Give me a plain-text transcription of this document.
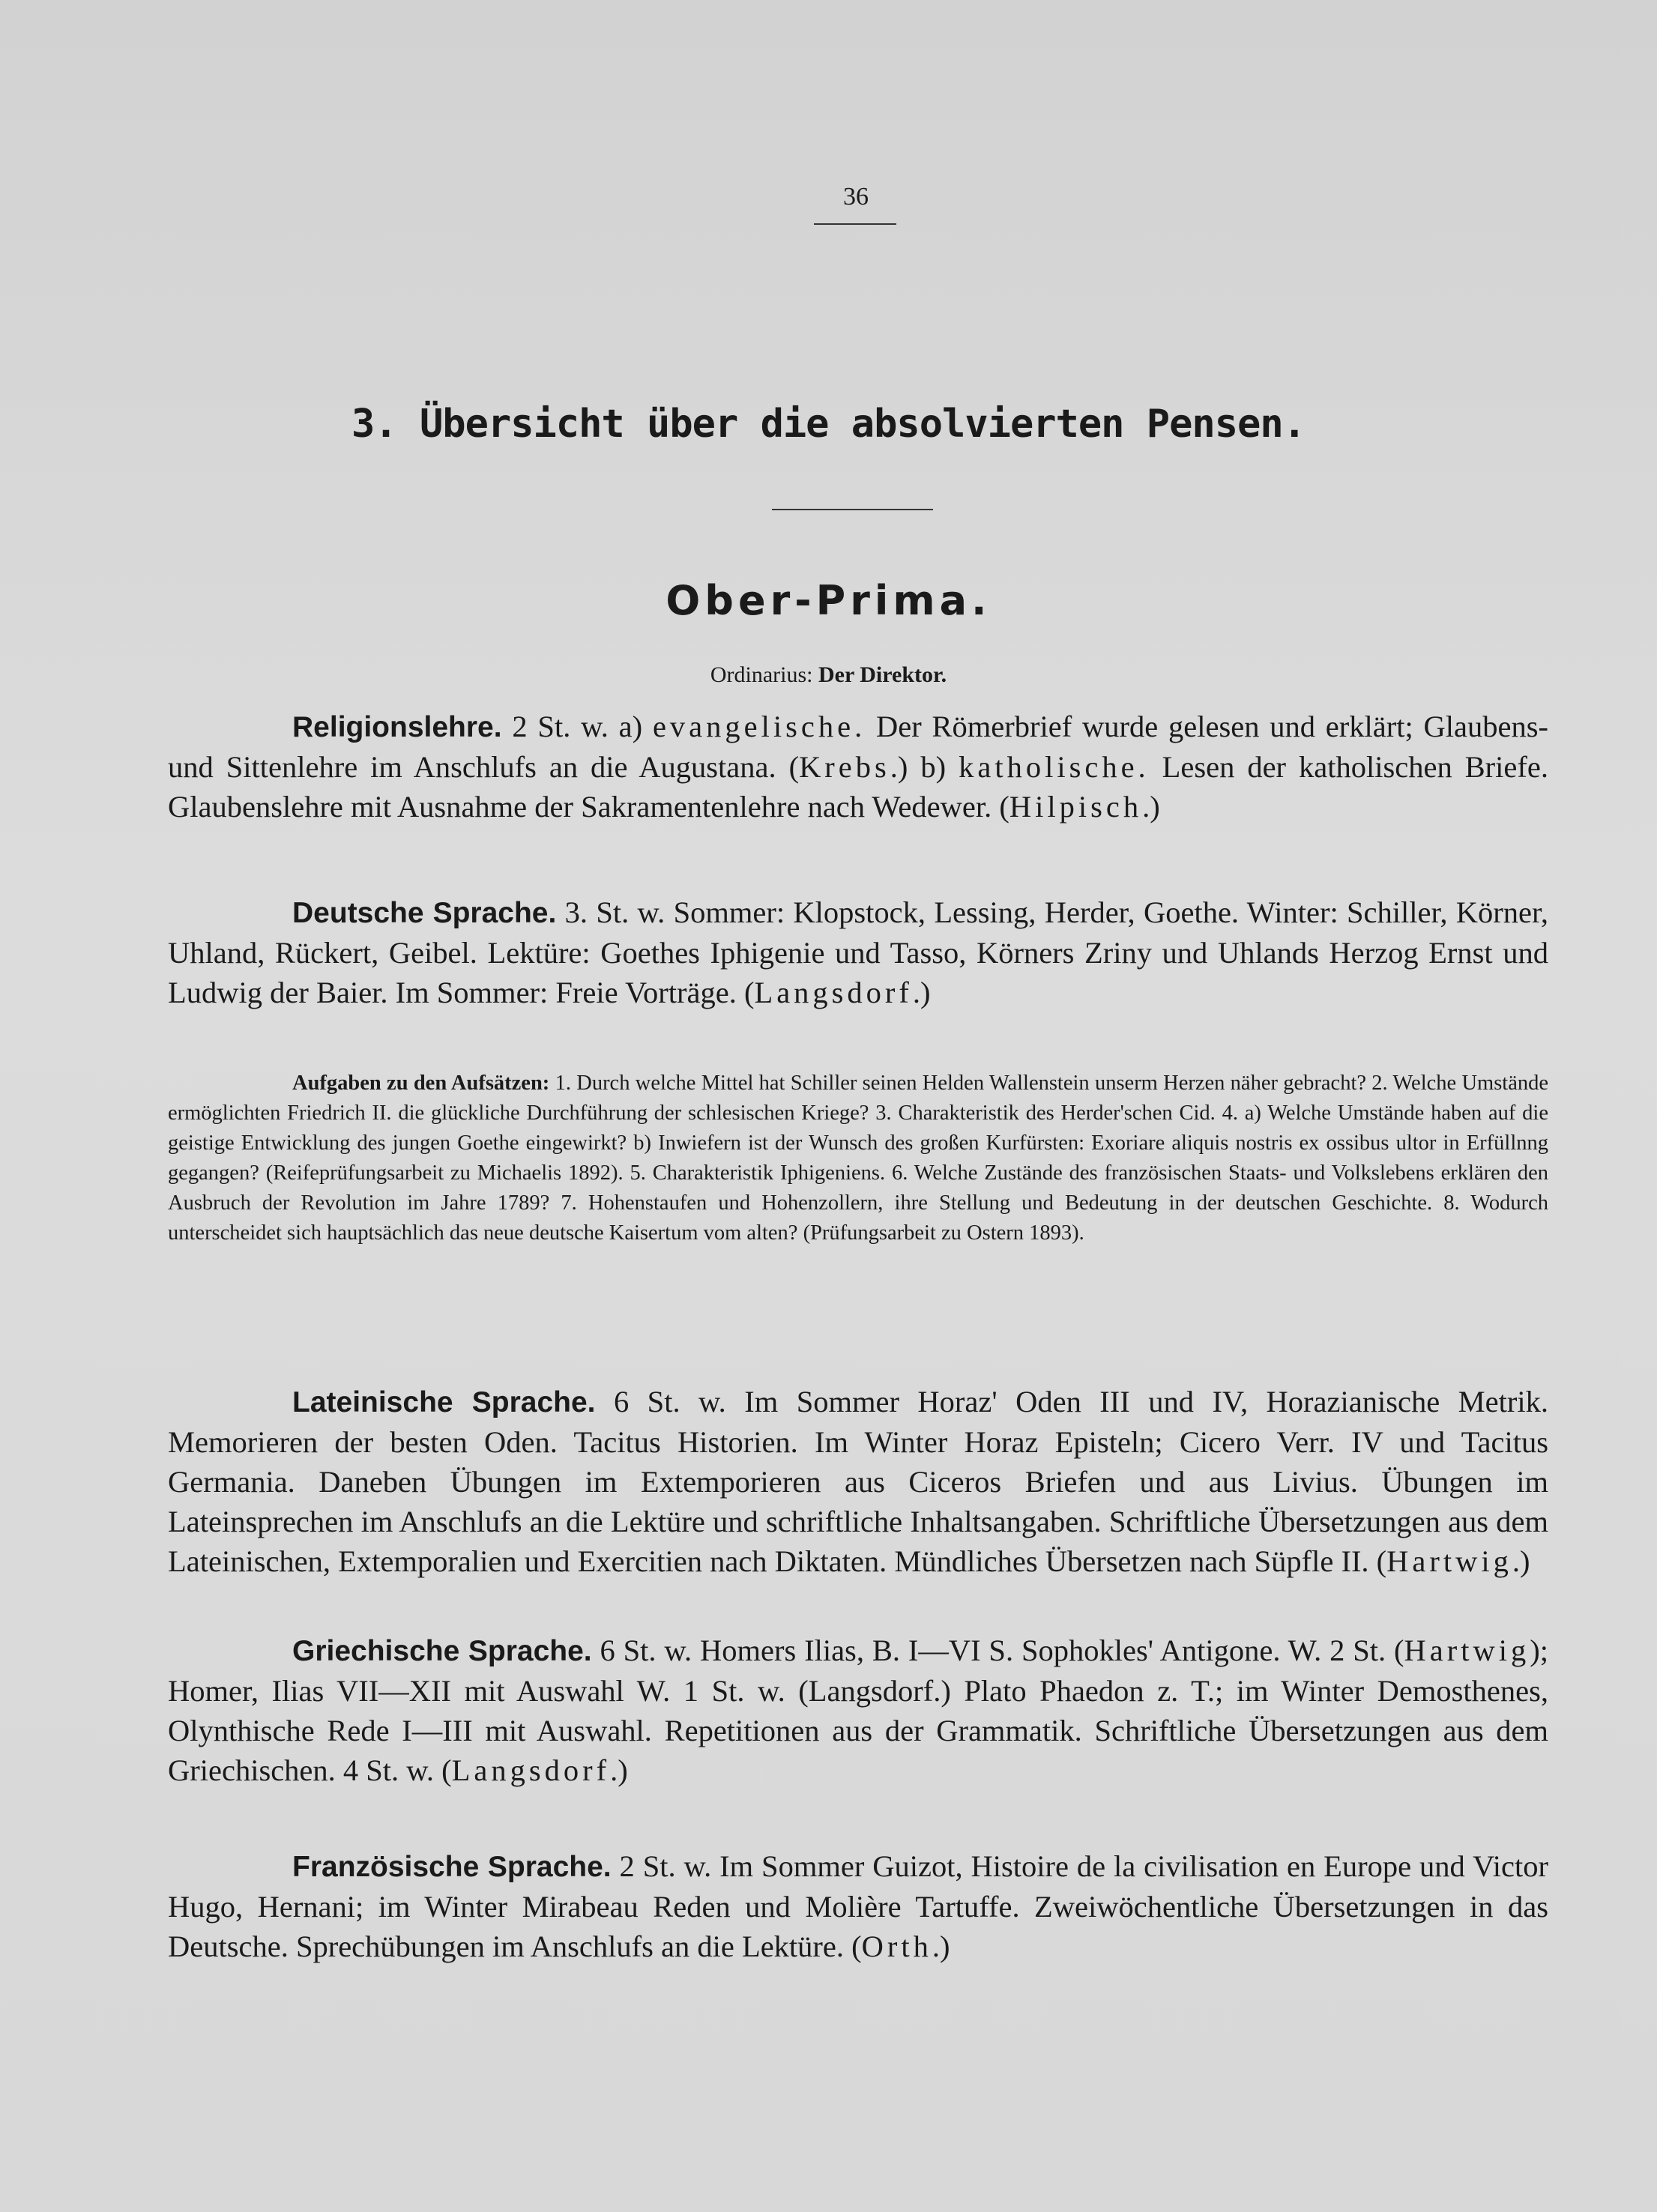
36
3. Übersicht über die absolvierten Pensen.
Ober-Prima.
Ordinarius: Der Direktor.

Religionslehre. 2 St. w. a) evangelische. Der Römerbrief wurde gelesen und erklärt; Glaubens- und Sittenlehre im Anschlufs an die Augustana. (Krebs.) b) katholische. Lesen der katholischen Briefe. Glaubenslehre mit Ausnahme der Sakramentenlehre nach Wedewer. (Hilpisch.)

Deutsche Sprache. 3. St. w. Sommer: Klopstock, Lessing, Herder, Goethe. Winter: Schiller, Körner, Uhland, Rückert, Geibel. Lektüre: Goethes Iphigenie und Tasso, Körners Zriny und Uhlands Herzog Ernst und Ludwig der Baier. Im Sommer: Freie Vorträge. (Langsdorf.)

Aufgaben zu den Aufsätzen: 1. Durch welche Mittel hat Schiller seinen Helden Wallenstein unserm Herzen näher gebracht? 2. Welche Umstände ermöglichten Friedrich II. die glückliche Durchführung der schlesischen Kriege? 3. Charakteristik des Herder'schen Cid. 4. a) Welche Umstände haben auf die geistige Entwicklung des jungen Goethe eingewirkt? b) Inwiefern ist der Wunsch des großen Kurfürsten: Exoriare aliquis nostris ex ossibus ultor in Erfüllnng gegangen? (Reifeprüfungsarbeit zu Michaelis 1892). 5. Charakteristik Iphigeniens. 6. Welche Zustände des französischen Staats- und Volkslebens erklären den Ausbruch der Revolution im Jahre 1789? 7. Hohenstaufen und Hohenzollern, ihre Stellung und Bedeutung in der deutschen Geschichte. 8. Wodurch unterscheidet sich hauptsächlich das neue deutsche Kaisertum vom alten? (Prüfungsarbeit zu Ostern 1893).

Lateinische Sprache. 6 St. w. Im Sommer Horaz' Oden III und IV, Horazianische Metrik. Memorieren der besten Oden. Tacitus Historien. Im Winter Horaz Episteln; Cicero Verr. IV und Tacitus Germania. Daneben Übungen im Extemporieren aus Ciceros Briefen und aus Livius. Übungen im Lateinsprechen im Anschlufs an die Lektüre und schriftliche Inhaltsangaben. Schriftliche Übersetzungen aus dem Lateinischen, Extemporalien und Exercitien nach Diktaten. Mündliches Übersetzen nach Süpfle II. (Hartwig.)

Griechische Sprache. 6 St. w. Homers Ilias, B. I—VI S. Sophokles' Antigone. W. 2 St. (Hartwig); Homer, Ilias VII—XII mit Auswahl W. 1 St. w. (Langsdorf.) Plato Phaedon z. T.; im Winter Demosthenes, Olynthische Rede I—III mit Auswahl. Repetitionen aus der Grammatik. Schriftliche Übersetzungen aus dem Griechischen. 4 St. w. (Langsdorf.)

Französische Sprache. 2 St. w. Im Sommer Guizot, Histoire de la civilisation en Europe und Victor Hugo, Hernani; im Winter Mirabeau Reden und Molière Tartuffe. Zweiwöchentliche Übersetzungen in das Deutsche. Sprechübungen im Anschlufs an die Lektüre. (Orth.)
